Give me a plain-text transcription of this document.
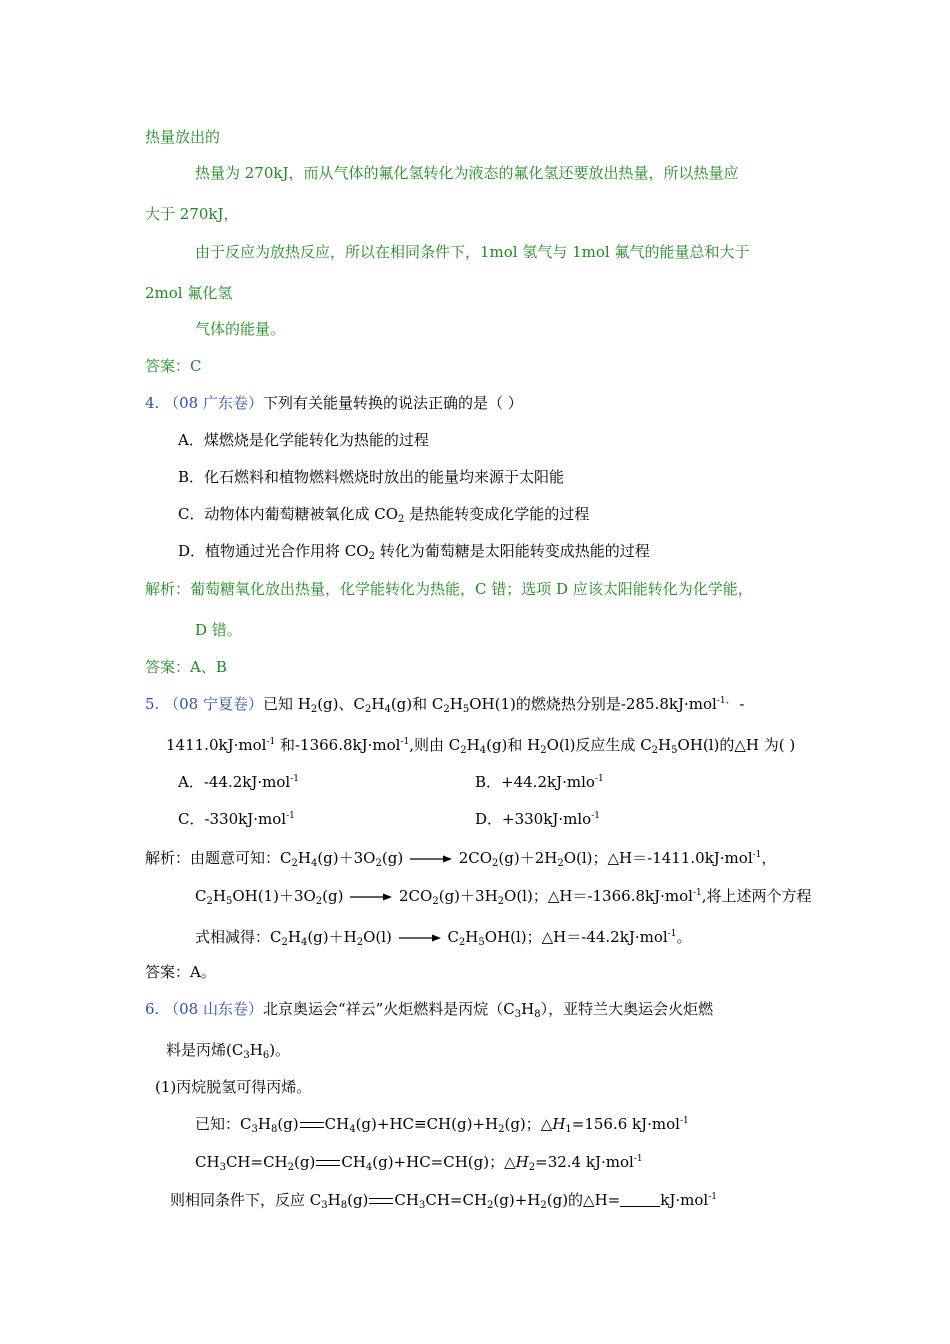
热量放出的
热量为 270kJ，而从气体的氟化氢转化为液态的氟化氢还要放出热量，所以热量应
大于 270kJ，
由于反应为放热反应，所以在相同条件下，1mol 氢气与 1mol 氟气的能量总和大于
2mol 氟化氢
气体的能量。
答案：C
4. （08 广东卷）下列有关能量转换的说法正确的是（ ）
A．煤燃烧是化学能转化为热能的过程
B．化石燃料和植物燃料燃烧时放出的能量均来源于太阳能
C．动物体内葡萄糖被氧化成 $CO_2$ 是热能转变成化学能的过程
D．植物通过光合作用将 $CO_2$ 转化为葡萄糖是太阳能转变成热能的过程
解析：葡萄糖氧化放出热量，化学能转化为热能，C 错；选项 D 应该太阳能转化为化学能，
D 错。
答案：A、B
5. （08 宁夏卷）已知 $H_2(g)$、$C_2H_4(g)$和 $C_2H_5OH(1)$的燃烧热分别是-285.8kJ·mol$^{-1、}$ -
1411.0kJ·mol$^{-1}$ 和-1366.8kJ·mol$^{-1}$,则由 $C_2H_4(g)$和 $H_2O(l)$反应生成 $C_2H_5OH(l)$的△H 为( )
A．-44.2kJ·mol$^{-1}$	B．+44.2kJ·mlo$^{-1}$
C．-330kJ·mol$^{-1}$	D．+330kJ·mlo$^{-1}$
解析：由题意可知：$C_2H_4(g)+3O_2(g) \to 2CO_2(g)+2H_2O(l)$；△H＝-1411.0kJ·mol$^{-1}$，
$C_2H_5OH(1)+3O_2(g) \to 2CO_2(g)+3H_2O(l)$；△H＝-1366.8kJ·mol$^{-1}$,将上述两个方程
式相减得：$C_2H_4(g)+H_2O(l) \to C_2H_5OH(l)$；△H＝-44.2kJ·mol$^{-1}$。
答案：A。
6. （08 山东卷）北京奥运会“祥云”火炬燃料是丙烷$(C_3H_8)$，亚特兰大奥运会火炬燃
料是丙烯$(C_3H_6)$。
(1)丙烷脱氢可得丙烯。
已知：$C_3H_8(g)$ $CH_4(g)+HC\equiv CH(g)+H_2(g)$；$\triangle H_1=156.6$ kJ·mol$^{-1}$
$CH_3CH=CH_2(g)$ $CH_4(g)+HC=CH(g)$；$\triangle H_2=32.4$ kJ·mol$^{-1}$
则相同条件下，反应 $C_3H_8(g)$ $CH_3CH=CH_2(g)+H_2(g)$的△H=	kJ·mol$^{-1}$
